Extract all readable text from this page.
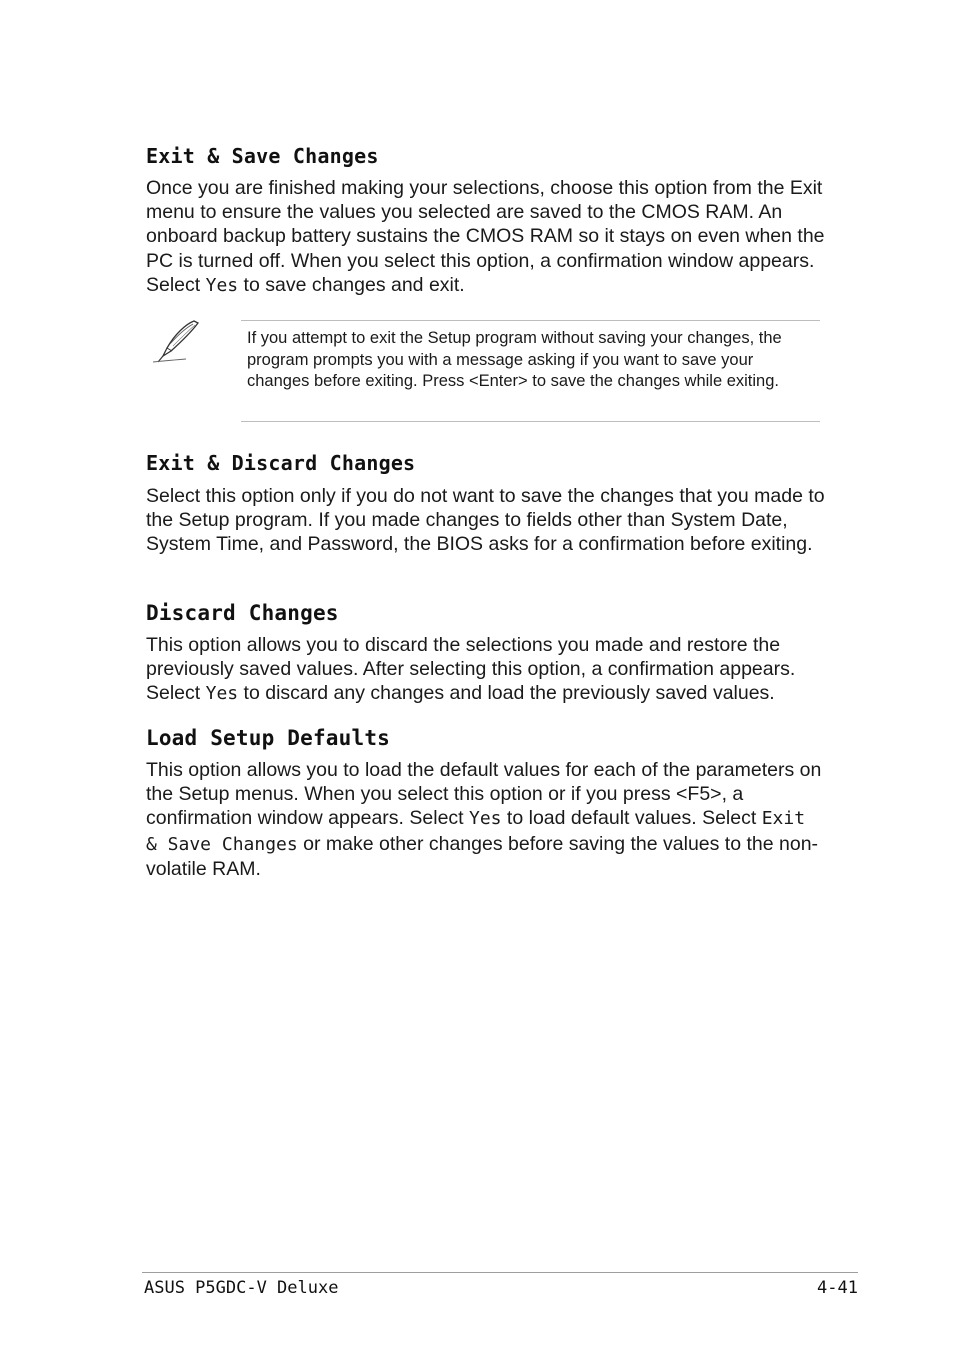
Exit & Save Changes

Once you are finished making your selections, choose this option from the Exit menu to ensure the values you selected are saved to the CMOS RAM. An onboard backup battery sustains the CMOS RAM so it stays on even when the PC is turned off. When you select this option, a confirmation window appears. Select Yes to save changes and exit.

If you attempt to exit the Setup program without saving your changes, the program prompts you with a message asking if you want to save your changes before exiting. Press <Enter> to save the changes while exiting.

Exit & Discard Changes

Select this option only if you do not want to save the changes that you made to the Setup program. If you made changes to fields other than System Date, System Time, and Password, the BIOS asks for a confirmation before exiting.

Discard Changes

This option allows you to discard the selections you made and restore the previously saved values. After selecting this option, a confirmation appears. Select Yes to discard any changes and load the previously saved values.

Load Setup Defaults

This option allows you to load the default values for each of the parameters on the Setup menus. When you select this option or if you press <F5>, a confirmation window appears. Select Yes to load default values. Select Exit & Save Changes or make other changes before saving the values to the non-volatile RAM.

ASUS P5GDC-V Deluxe	4-41
